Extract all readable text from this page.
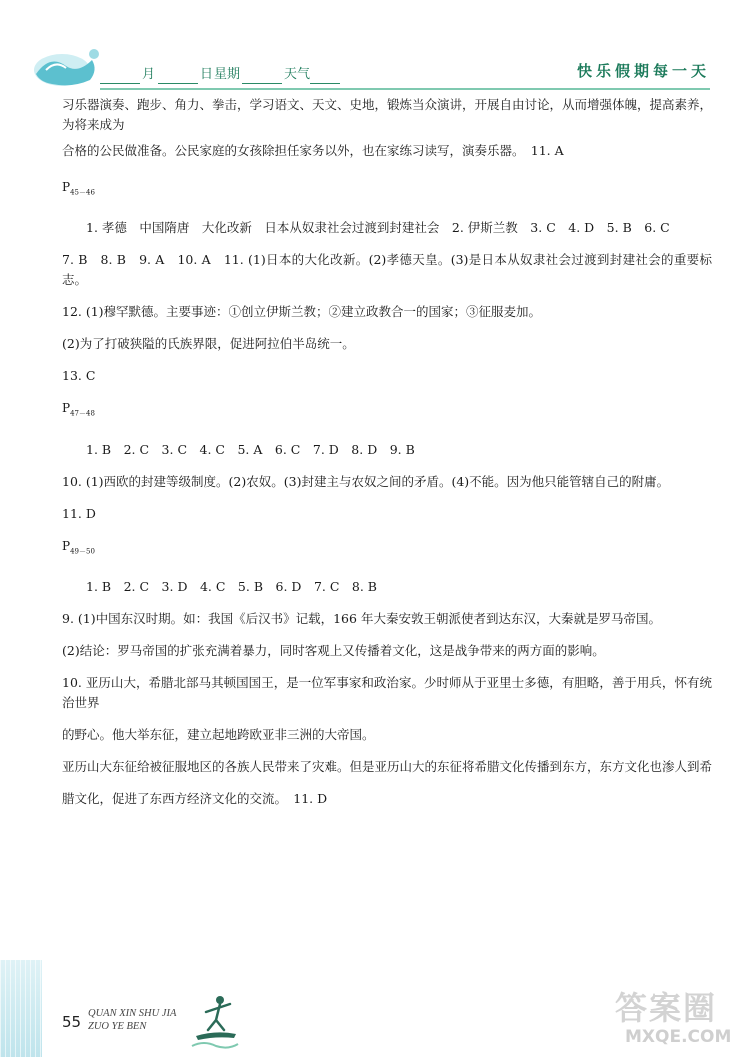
月	日 星期	天气	快乐假期每一天

习乐器演奏、跑步、角力、拳击，学习语文、天文、史地，锻炼当众演讲，开展自由讨论，从而增强体魄，提高素养，为将来成为

合格的公民做准备。公民家庭的女孩除担任家务以外，也在家练习读写，演奏乐器。　11. A

$P_{45-46}$

1. 孝德　中国隋唐　大化改新　日本从奴隶社会过渡到封建社会　2. 伊斯兰教　3. C　4. D　5. B　6. C

7. B　8. B　9. A　10. A　11. (1)日本的大化改新。(2)孝德天皇。(3)是日本从奴隶社会过渡到封建社会的重要标志。

12. (1)穆罕默德。主要事迹：①创立伊斯兰教；②建立政教合一的国家；③征服麦加。

(2)为了打破狭隘的氏族界限，促进阿拉伯半岛统一。

13. C

$P_{47-48}$

1. B　2. C　3. C　4. C　5. A　6. C　7. D　8. D　9. B

10. (1)西欧的封建等级制度。(2)农奴。(3)封建主与农奴之间的矛盾。(4)不能。因为他只能管辖自己的附庸。

11. D

$P_{49-50}$

1. B　2. C　3. D　4. C　5. B　6. D　7. C　8. B

9. (1)中国东汉时期。如：我国《后汉书》记载，166 年大秦安敦王朝派使者到达东汉，大秦就是罗马帝国。

(2)结论：罗马帝国的扩张充满着暴力，同时客观上又传播着文化，这是战争带来的两方面的影响。

10. 亚历山大，希腊北部马其顿国国王，是一位军事家和政治家。少时师从于亚里士多德，有胆略，善于用兵，怀有统治世界

的野心。他大举东征，建立起地跨欧亚非三洲的大帝国。

亚历山大东征给被征服地区的各族人民带来了灾难。但是亚历山大的东征将希腊文化传播到东方，东方文化也渗人到希

腊文化，促进了东西方经济文化的交流。　11. D

55 QUAN XIN SHU JIA
ZUO YE BEN	答案圈
MXQE.COM
